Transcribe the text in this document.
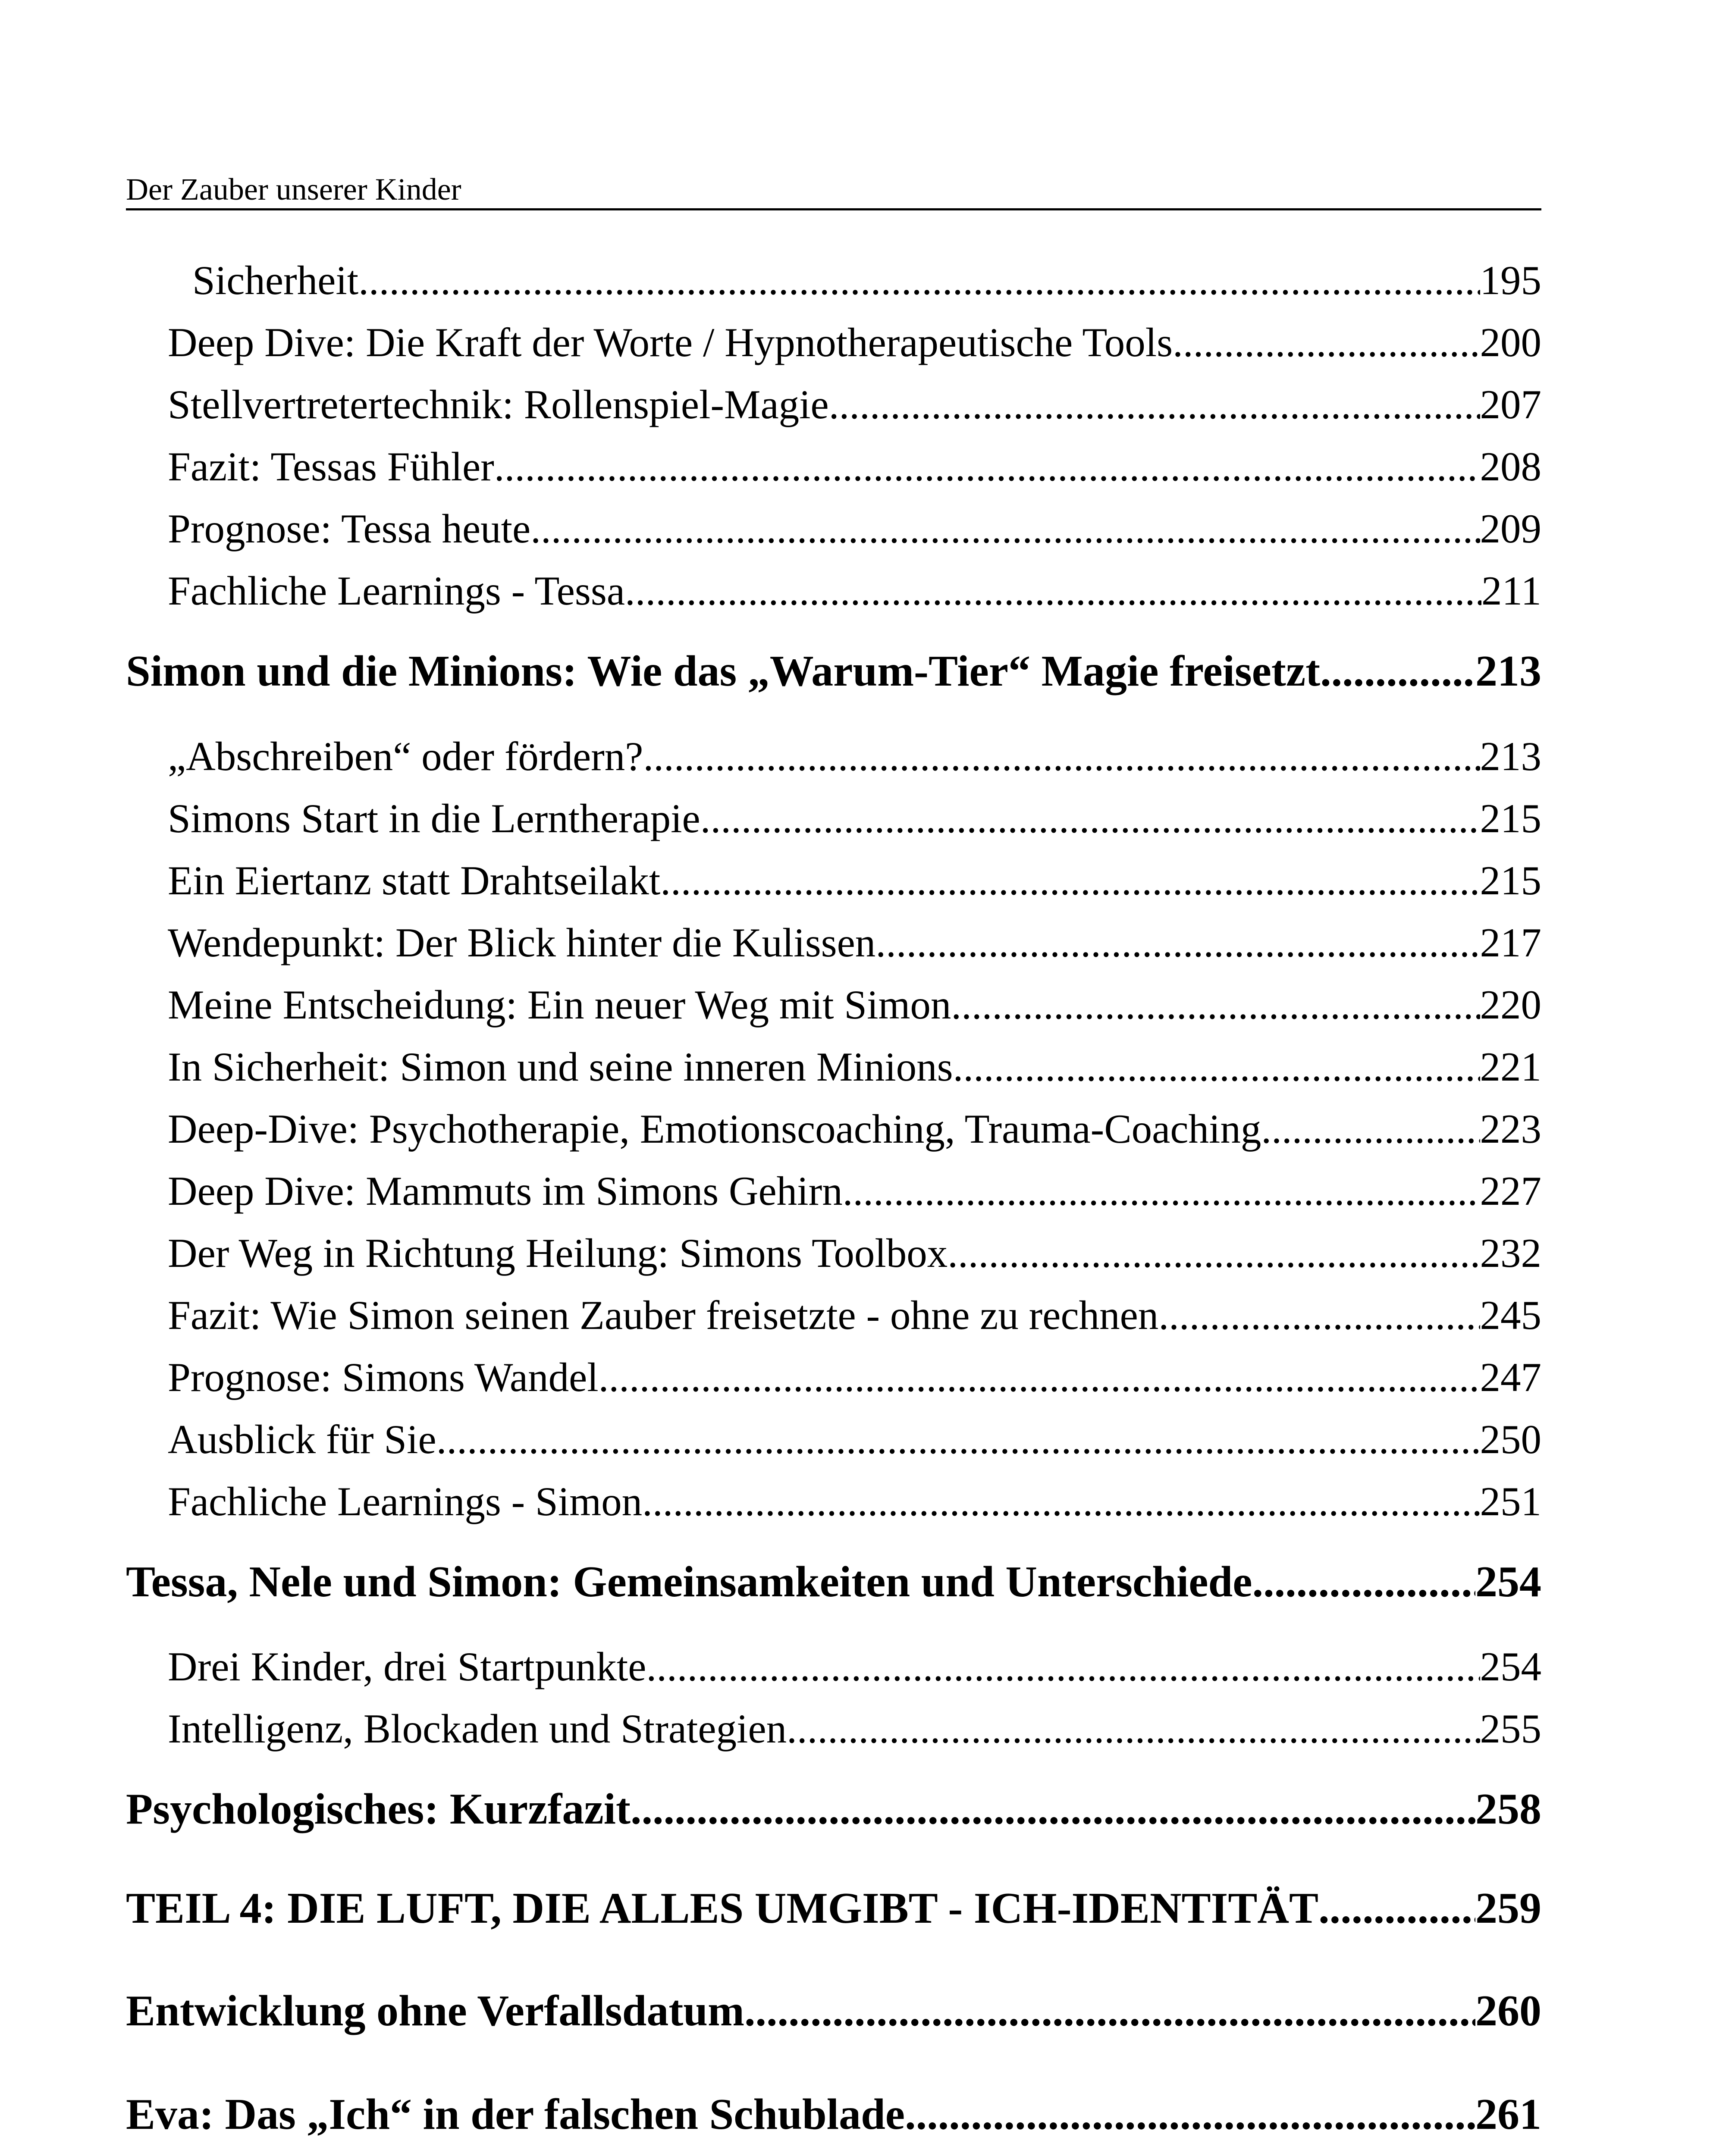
Der Zauber unserer Kinder
Sicherheit .....	195
Deep Dive: Die Kraft der Worte / Hypnotherapeutische Tools .....	200
Stellvertretertechnik: Rollenspiel-Magie .....	207
Fazit: Tessas Fühler .....	208
Prognose: Tessa heute .....	209
Fachliche Learnings - Tessa .....	211
Simon und die Minions: Wie das „Warum-Tier“ Magie freisetzt .....	213
„Abschreiben“ oder fördern? .....	213
Simons Start in die Lerntherapie .....	215
Ein Eiertanz statt Drahtseilakt .....	215
Wendepunkt: Der Blick hinter die Kulissen .....	217
Meine Entscheidung: Ein neuer Weg mit Simon .....	220
In Sicherheit: Simon und seine inneren Minions .....	221
Deep-Dive: Psychotherapie, Emotionscoaching, Trauma-Coaching .....	223
Deep Dive: Mammuts im Simons Gehirn .....	227
Der Weg in Richtung Heilung: Simons Toolbox .....	232
Fazit: Wie Simon seinen Zauber freisetzte - ohne zu rechnen .....	245
Prognose: Simons Wandel .....	247
Ausblick für Sie .....	250
Fachliche Learnings - Simon .....	251
Tessa, Nele und Simon: Gemeinsamkeiten und Unterschiede .....	254
Drei Kinder, drei Startpunkte .....	254
Intelligenz, Blockaden und Strategien .....	255
Psychologisches: Kurzfazit .....	258
TEIL 4: DIE LUFT, DIE ALLES UMGIBT - ICH-IDENTITÄT .....	259
Entwicklung ohne Verfallsdatum .....	260
Eva: Das „Ich“ in der falschen Schublade .....	261
